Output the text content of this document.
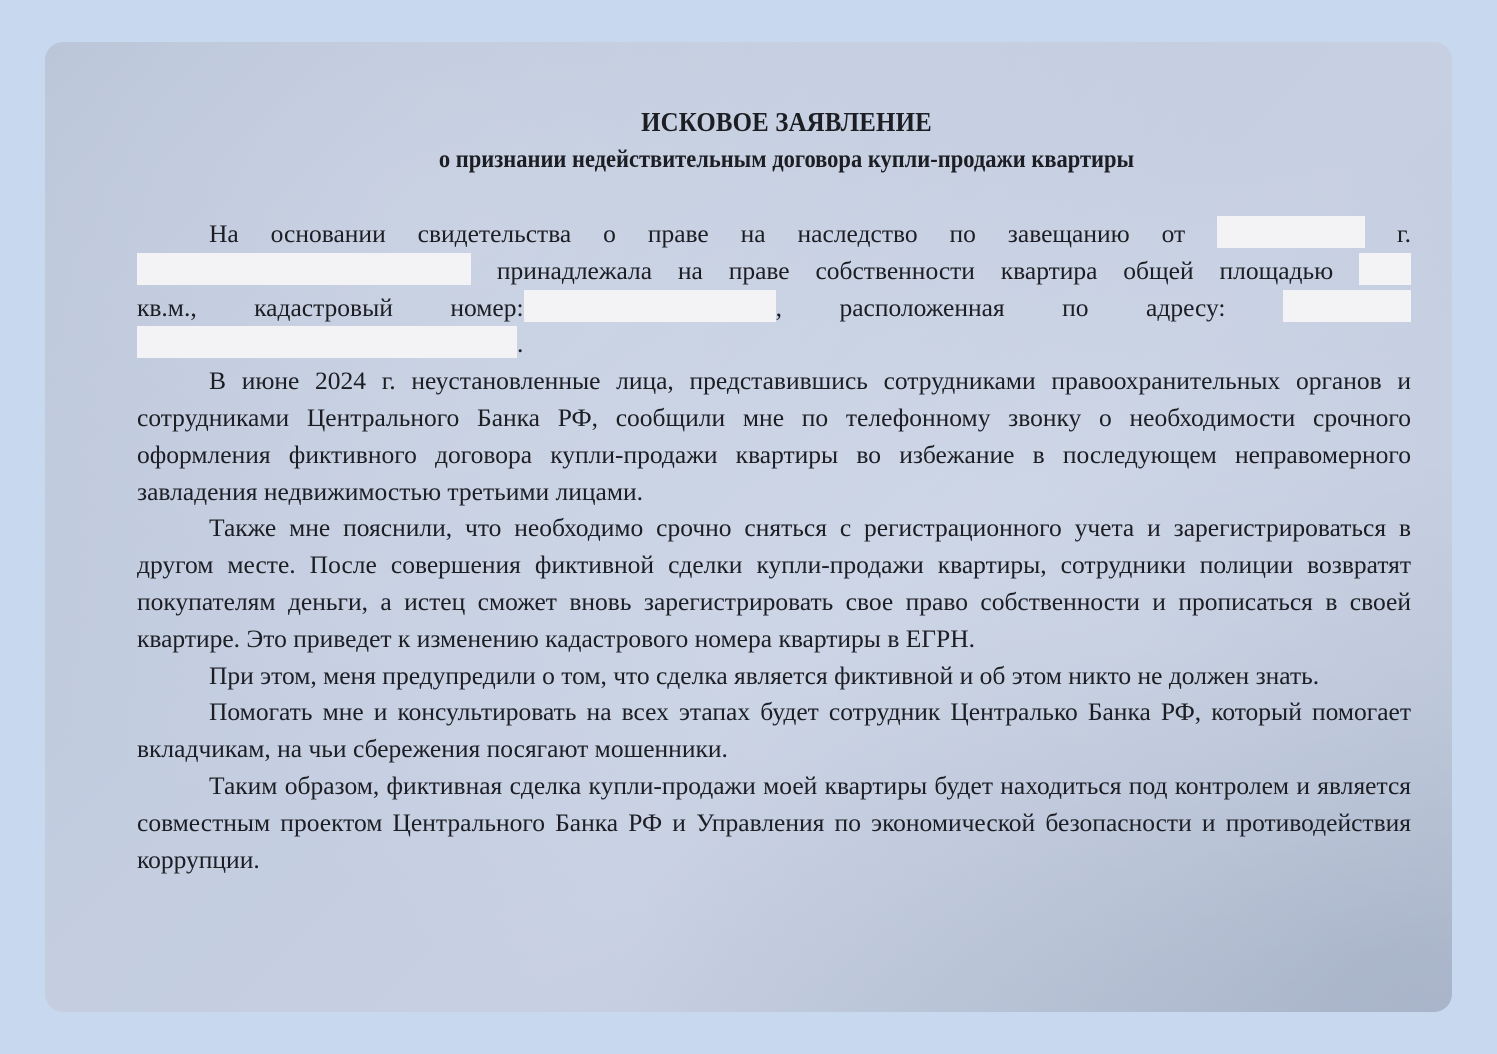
ИСКОВОЕ ЗАЯВЛЕНИЕ
о признании недействительным договора купли-продажи квартиры

На основании свидетельства о праве на наследство по завещанию от	г.

принадлежала на праве собственности квартира общей площадью

кв.м., кадастровый номер:	, расположенная по адресу:

.

В июне 2024 г. неустановленные лица, представившись сотрудниками правоохранительных органов и сотрудниками Центрального Банка РФ, сообщили мне по телефонному звонку о необходимости срочного оформления фиктивного договора купли-продажи квартиры во избежание в последующем неправомерного завладения недвижимостью третьими лицами.

Также мне пояснили, что необходимо срочно сняться с регистрационного учета и зарегистрироваться в другом месте. После совершения фиктивной сделки купли-продажи квартиры, сотрудники полиции возвратят покупателям деньги, а истец сможет вновь зарегистрировать свое право собственности и прописаться в своей квартире. Это приведет к изменению кадастрового номера квартиры в ЕГРН.

При этом, меня предупредили о том, что сделка является фиктивной и об этом никто не должен знать.

Помогать мне и консультировать на всех этапах будет сотрудник Централько Банка РФ, который помогает вкладчикам, на чьи сбережения посягают мошенники.

Таким образом, фиктивная сделка купли-продажи моей квартиры будет находиться под контролем и является совместным проектом Центрального Банка РФ и Управления по экономической безопасности и противодействия коррупции.
